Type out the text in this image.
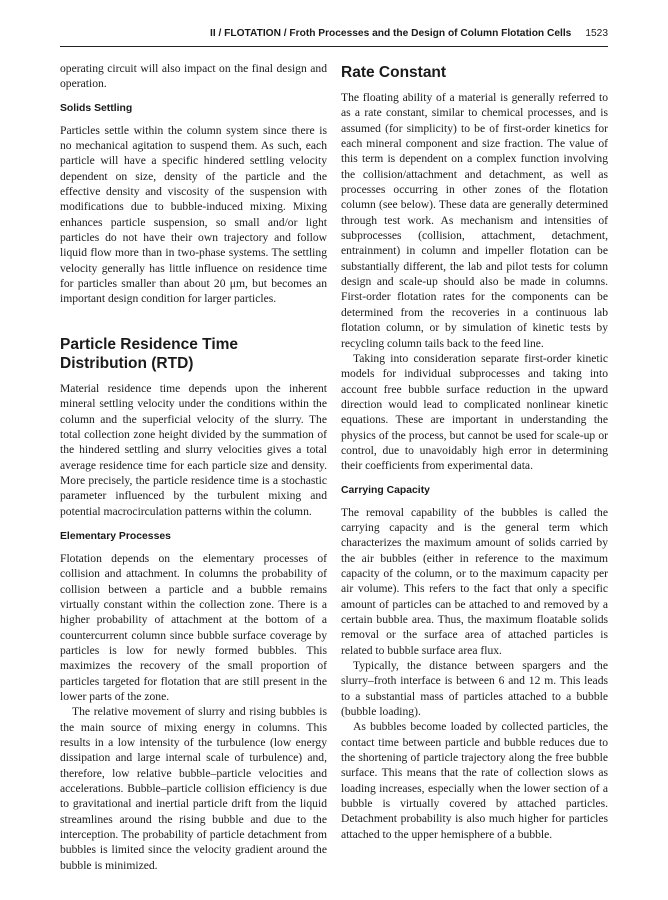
II / FLOTATION / Froth Processes and the Design of Column Flotation Cells 1523

operating circuit will also impact on the final design and operation.

Solids Settling

Particles settle within the column system since there is no mechanical agitation to suspend them. As such, each particle will have a specific hindered settling velocity dependent on size, density of the particle and the effective density and viscosity of the suspension with modifications due to bubble-induced mixing. Mixing enhances particle suspension, so small and/or light particles do not have their own trajectory and follow liquid flow more than in two-phase systems. The settling velocity generally has little influence on residence time for particles smaller than about 20 μm, but becomes an important design condition for larger particles.

Particle Residence Time Distribution (RTD)

Material residence time depends upon the inherent mineral settling velocity under the conditions within the column and the superficial velocity of the slurry. The total collection zone height divided by the summation of the hindered settling and slurry velocities gives a total average residence time for each particle size and density. More precisely, the particle residence time is a stochastic parameter influenced by the turbulent mixing and potential macrocirculation patterns within the column.

Elementary Processes

Flotation depends on the elementary processes of collision and attachment. In columns the probability of collision between a particle and a bubble remains virtually constant within the collection zone. There is a higher probability of attachment at the bottom of a countercurrent column since bubble surface coverage by particles is low for newly formed bubbles. This maximizes the recovery of the small proportion of particles targeted for flotation that are still present in the lower parts of the zone.

The relative movement of slurry and rising bubbles is the main source of mixing energy in columns. This results in a low intensity of the turbulence (low energy dissipation and large internal scale of turbulence) and, therefore, low relative bubble–particle velocities and accelerations. Bubble–particle collision efficiency is due to gravitational and inertial particle drift from the liquid streamlines around the rising bubble and due to the interception. The probability of particle detachment from bubbles is limited since the velocity gradient around the bubble is minimized.

Rate Constant

The floating ability of a material is generally referred to as a rate constant, similar to chemical processes, and is assumed (for simplicity) to be of first-order kinetics for each mineral component and size fraction. The value of this term is dependent on a complex function involving the collision/attachment and detachment, as well as processes occurring in other zones of the flotation column (see below). These data are generally determined through test work. As mechanism and intensities of subprocesses (collision, attachment, detachment, entrainment) in column and impeller flotation can be substantially different, the lab and pilot tests for column design and scale-up should also be made in columns. First-order flotation rates for the components can be determined from the recoveries in a continuous lab flotation column, or by simulation of kinetic tests by recycling column tails back to the feed line.

Taking into consideration separate first-order kinetic models for individual subprocesses and taking into account free bubble surface reduction in the upward direction would lead to complicated nonlinear kinetic equations. These are important in understanding the physics of the process, but cannot be used for scale-up or control, due to unavoidably high error in determining their coefficients from experimental data.

Carrying Capacity

The removal capability of the bubbles is called the carrying capacity and is the general term which characterizes the maximum amount of solids carried by the air bubbles (either in reference to the maximum capacity of the column, or to the maximum capacity per air volume). This refers to the fact that only a specific amount of particles can be attached to and removed by a certain bubble area. Thus, the maximum floatable solids removal or the surface area of attached particles is related to bubble surface area flux.

Typically, the distance between spargers and the slurry–froth interface is between 6 and 12 m. This leads to a substantial mass of particles attached to a bubble (bubble loading).

As bubbles become loaded by collected particles, the contact time between particle and bubble reduces due to the shortening of particle trajectory along the free bubble surface. This means that the rate of collection slows as loading increases, especially when the lower section of a bubble is virtually covered by attached particles. Detachment probability is also much higher for particles attached to the upper hemisphere of a bubble.
